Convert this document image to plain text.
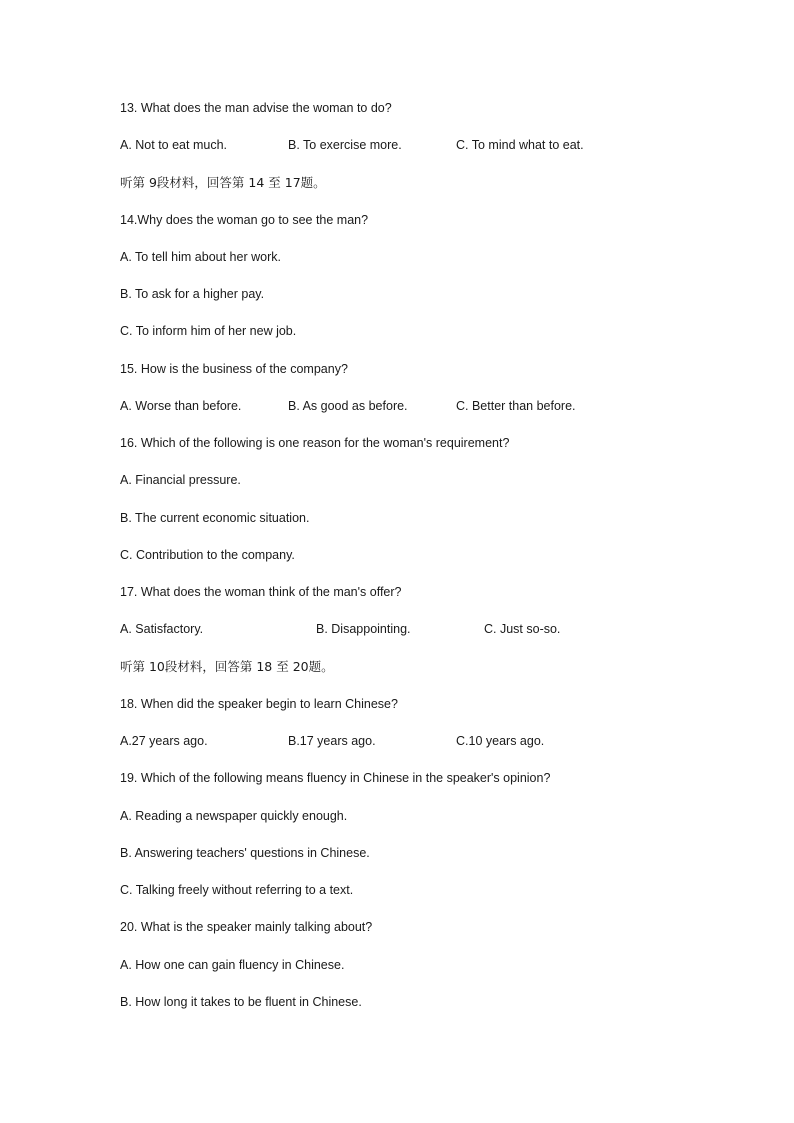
13. What does the man advise the woman to do?
A. Not to eat much.	B. To exercise more.	C. To mind what to eat.
听第 9段材料，回答第 14 至 17题。
14.Why does the woman go to see the man?
A. To tell him about her work.
B. To ask for a higher pay.
C. To inform him of her new job.
15. How is the business of the company?
A. Worse than before.	B. As good as before.	C. Better than before.
16. Which of the following is one reason for the woman's requirement?
A. Financial pressure.
B. The current economic situation.
C. Contribution to the company.
17. What does the woman think of the man's offer?
A. Satisfactory.	B. Disappointing.	C. Just so-so.
听第 10段材料，回答第 18 至 20题。
18. When did the speaker begin to learn Chinese?
A.27 years ago.	B.17 years ago.	C.10 years ago.
19. Which of the following means fluency in Chinese in the speaker's opinion?
A. Reading a newspaper quickly enough.
B. Answering teachers' questions in Chinese.
C. Talking freely without referring to a text.
20. What is the speaker mainly talking about?
A. How one can gain fluency in Chinese.
B. How long it takes to be fluent in Chinese.
